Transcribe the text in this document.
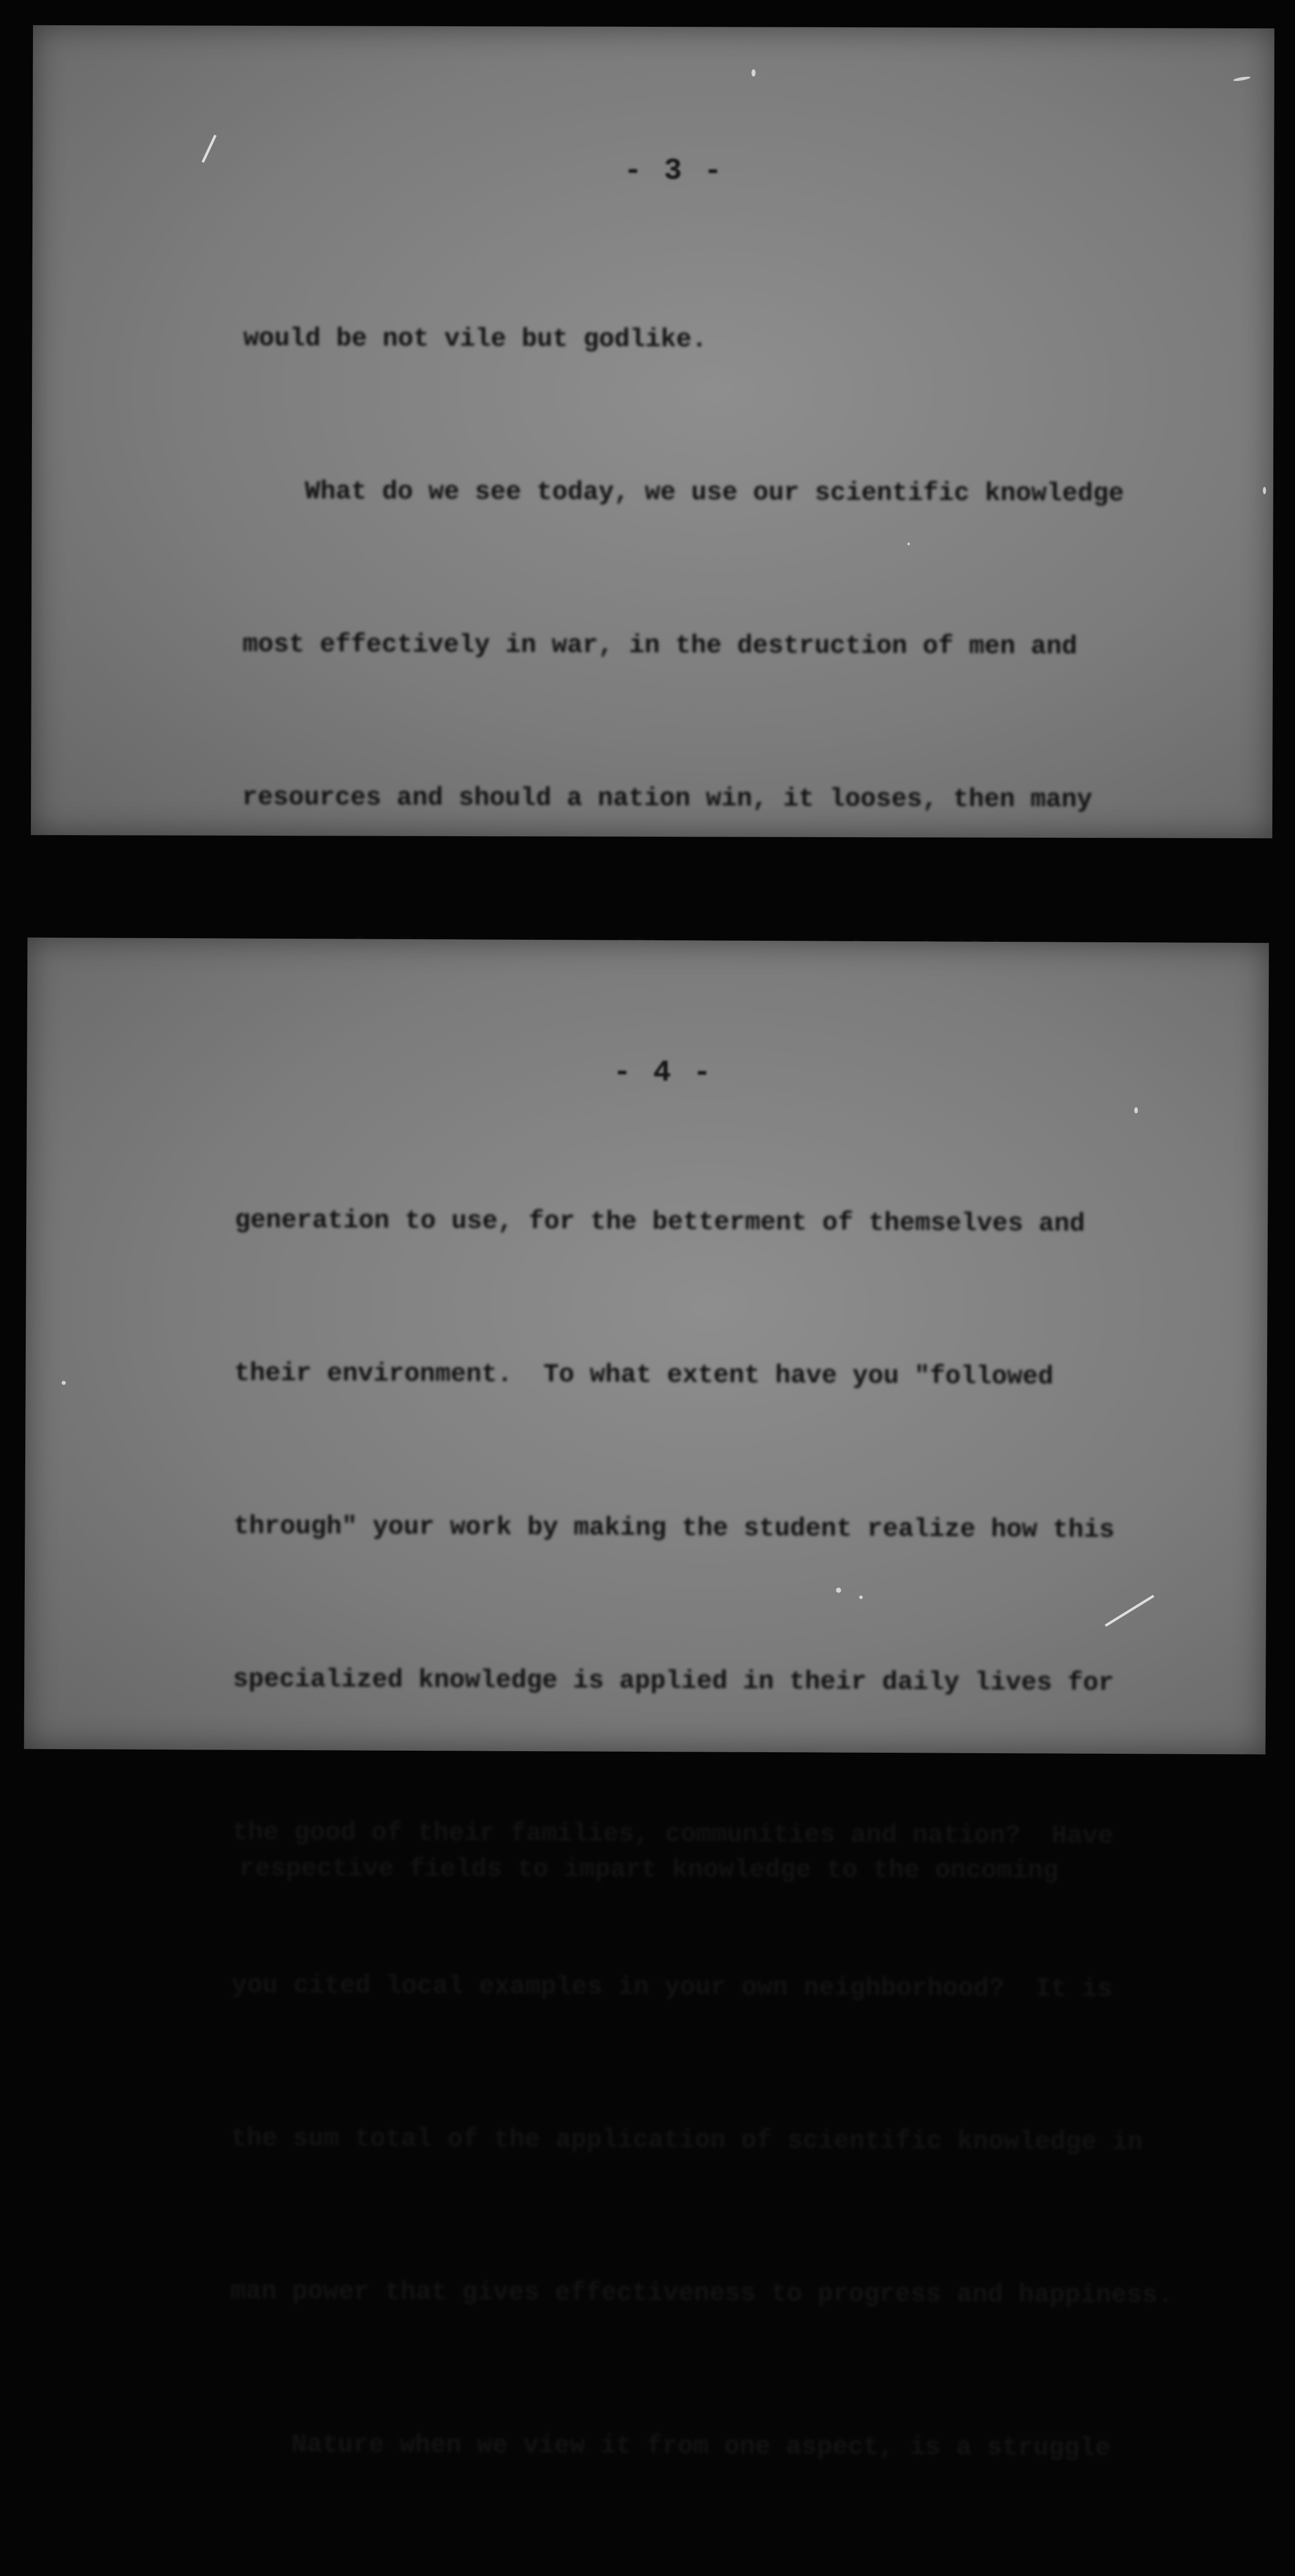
- 3 -

would be not vile but godlike.

What do we see today, we use our scientific knowledge

most effectively in war, in the destruction of men and

resources and should a nation win, it looses, then many

respective fields to impart knowledge to the oncoming

- 4 -

generation to use, for the betterment of themselves and

their environment.  To what extent have you "followed

through" your work by making the student realize how this

specialized knowledge is applied in their daily lives for

the good of their families, communities and nation?  Have

you cited local examples in your own neighborhood?  It is

the sum total of the application of scientific knowledge in

man power that gives effectiveness to progress and happiness.

Nature when we view it from one aspect, is a struggle
